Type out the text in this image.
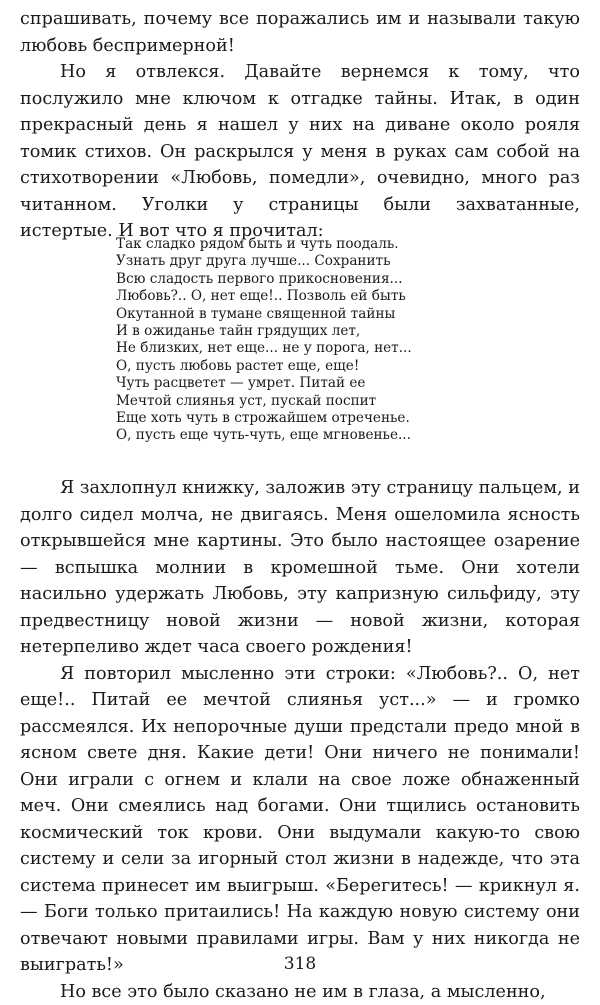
спрашивать, почему все поражались им и называли такую любовь беспримерной!

Но я отвлекся. Давайте вернемся к тому, что послужило мне ключом к отгадке тайны. Итак, в один прекрасный день я нашел у них на диване около рояля томик стихов. Он раскрылся у меня в руках сам собой на стихотворении «Любовь, помедли», очевидно, много раз читанном. Уголки у страницы были захватанные, истертые. И вот что я прочитал:

Так сладко рядом быть и чуть поодаль.
Узнать друг друга лучше... Сохранить
Всю сладость первого прикосновения...
Любовь?.. О, нет еще!.. Позволь ей быть
Окутанной в тумане священной тайны
И в ожиданье тайн грядущих лет,
Не близких, нет еще... не у порога, нет...
О, пусть любовь растет еще, еще!
Чуть расцветет — умрет. Питай ее
Мечтой слиянья уст, пускай поспит
Еще хоть чуть в строжайшем отреченье.
О, пусть еще чуть-чуть, еще мгновенье...

Я захлопнул книжку, заложив эту страницу пальцем, и долго сидел молча, не двигаясь. Меня ошеломила ясность открывшейся мне картины. Это было настоящее озарение — вспышка молнии в кромешной тьме. Они хотели насильно удержать Любовь, эту капризную сильфиду, эту предвестницу новой жизни — новой жизни, которая нетерпеливо ждет часа своего рождения!

Я повторил мысленно эти строки: «Любовь?.. О, нет еще!.. Питай ее мечтой слиянья уст...» — и громко рассмеялся. Их непорочные души предстали предо мной в ясном свете дня. Какие дети! Они ничего не понимали! Они играли с огнем и клали на свое ложе обнаженный меч. Они смеялись над богами. Они тщились остановить космический ток крови. Они выдумали какую-то свою систему и сели за игорный стол жизни в надежде, что эта система принесет им выигрыш. «Берегитесь! — крикнул я.— Боги только притаились! На каждую новую систему они отвечают новыми правилами игры. Вам у них никогда не выиграть!»

Но все это было сказано не им в глаза, а мысленно,

318
